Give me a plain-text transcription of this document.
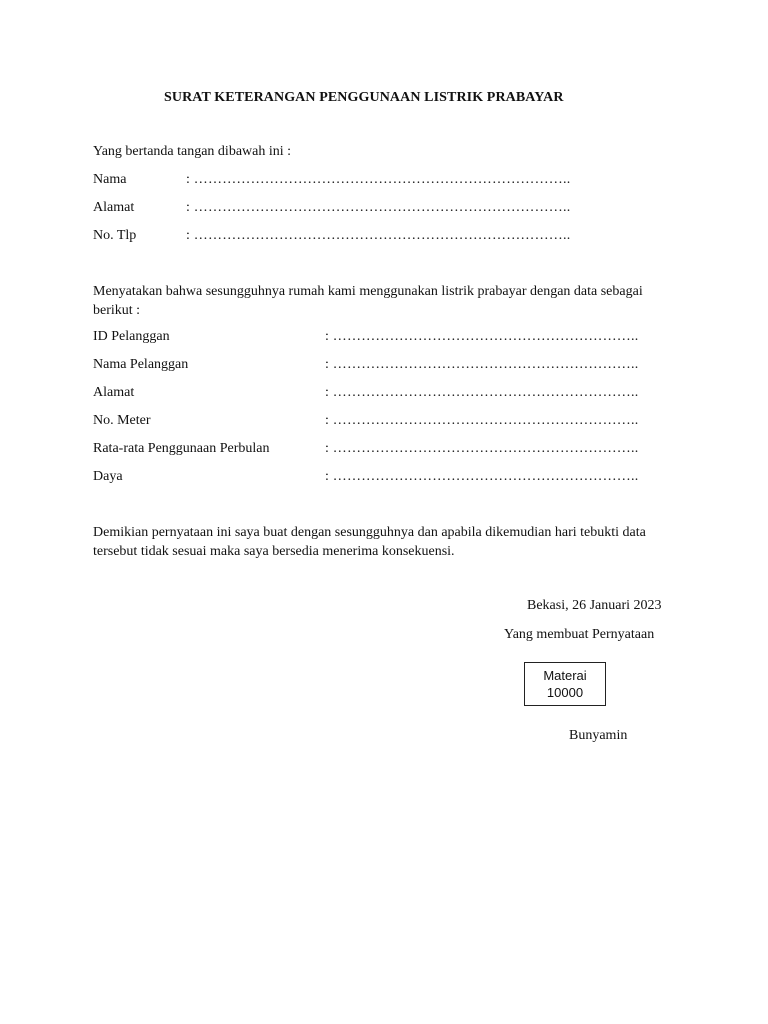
SURAT KETERANGAN PENGGUNAAN LISTRIK PRABAYAR
Yang bertanda tangan dibawah ini :
Nama	: ……………………………………………………………………..
Alamat	: ……………………………………………………………………..
No. Tlp	: ……………………………………………………………………..
Menyatakan bahwa sesungguhnya rumah kami menggunakan listrik prabayar dengan data sebagai berikut :
ID Pelanggan	: ………………………………………………………..
Nama Pelanggan	: ………………………………………………………..
Alamat	: ………………………………………………………..
No. Meter	: ………………………………………………………..
Rata-rata Penggunaan Perbulan	: ………………………………………………………..
Daya	: ………………………………………………………..
Demikian pernyataan ini saya buat dengan sesungguhnya dan apabila dikemudian hari tebukti data tersebut tidak sesuai maka saya bersedia menerima konsekuensi.
Bekasi, 26 Januari 2023
Yang membuat Pernyataan
Materai
10000
Bunyamin
